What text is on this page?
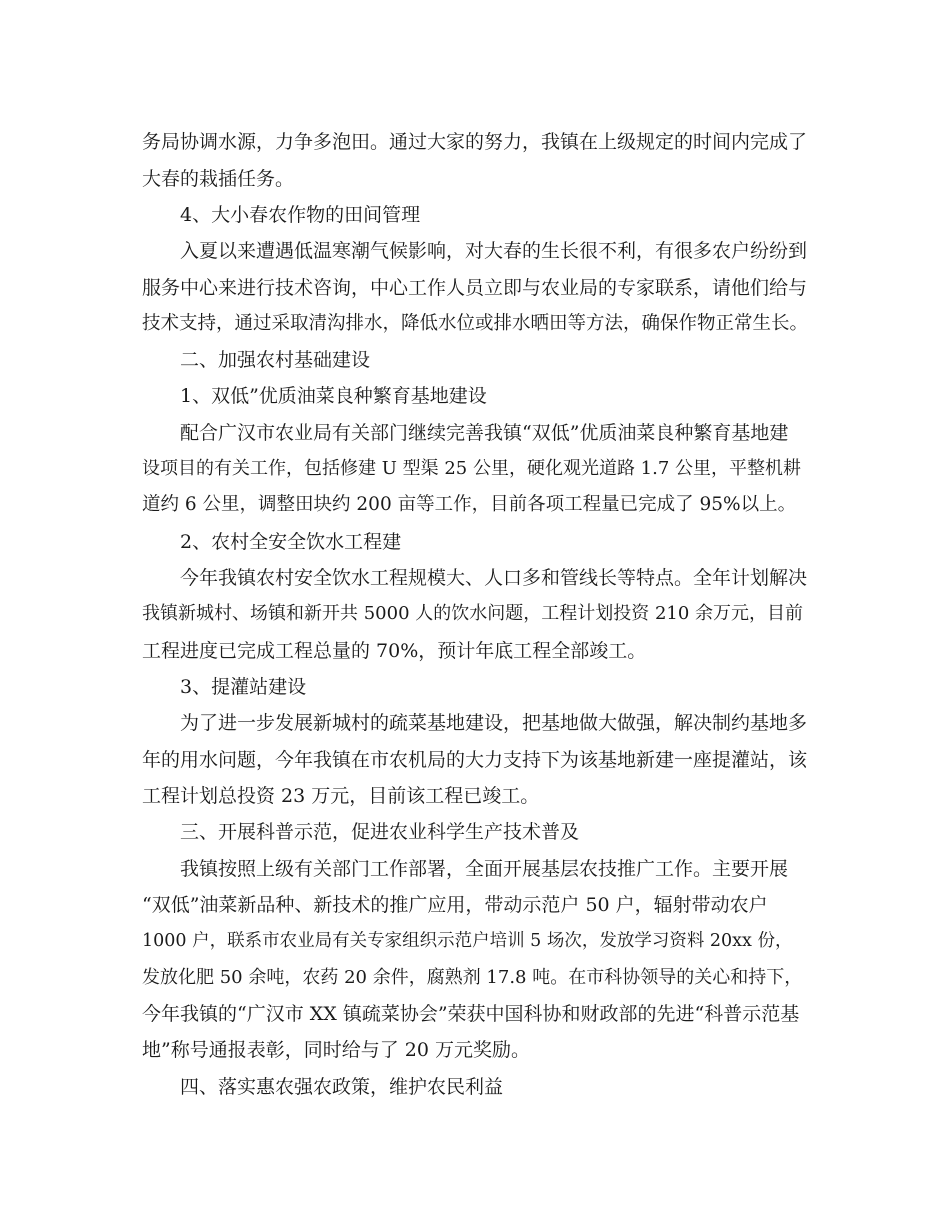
务局协调水源，力争多泡田。通过大家的努力，我镇在上级规定的时间内完成了

大春的栽插任务。

4、大小春农作物的田间管理

入夏以来遭遇低温寒潮气候影响，对大春的生长很不利，有很多农户纷纷到

服务中心来进行技术咨询，中心工作人员立即与农业局的专家联系，请他们给与

技术支持，通过采取清沟排水，降低水位或排水晒田等方法，确保作物正常生长。

二、加强农村基础建设

1、双低”优质油菜良种繁育基地建设

配合广汉市农业局有关部门继续完善我镇“双低”优质油菜良种繁育基地建

设项目的有关工作，包括修建 U 型渠 25 公里，硬化观光道路 1.7 公里，平整机耕

道约 6 公里，调整田块约 200 亩等工作，目前各项工程量已完成了 95%以上。

2、农村全安全饮水工程建

今年我镇农村安全饮水工程规模大、人口多和管线长等特点。全年计划解决

我镇新城村、场镇和新开共 5000 人的饮水问题，工程计划投资 210 余万元，目前

工程进度已完成工程总量的 70%，预计年底工程全部竣工。

3、提灌站建设

为了进一步发展新城村的疏菜基地建设，把基地做大做强，解决制约基地多

年的用水问题，今年我镇在市农机局的大力支持下为该基地新建一座提灌站，该

工程计划总投资 23 万元，目前该工程已竣工。

三、开展科普示范，促进农业科学生产技术普及

我镇按照上级有关部门工作部署，全面开展基层农技推广工作。主要开展

“双低”油菜新品种、新技术的推广应用，带动示范户 50 户，辐射带动农户

1000 户，联系市农业局有关专家组织示范户培训 5 场次，发放学习资料 20xx 份，

发放化肥 50 余吨，农药 20 余件，腐熟剂 17.8 吨。在市科协领导的关心和持下，

今年我镇的“广汉市 XX 镇疏菜协会”荣获中国科协和财政部的先进“科普示范基

地”称号通报表彰，同时给与了 20 万元奖励。

四、落实惠农强农政策，维护农民利益
